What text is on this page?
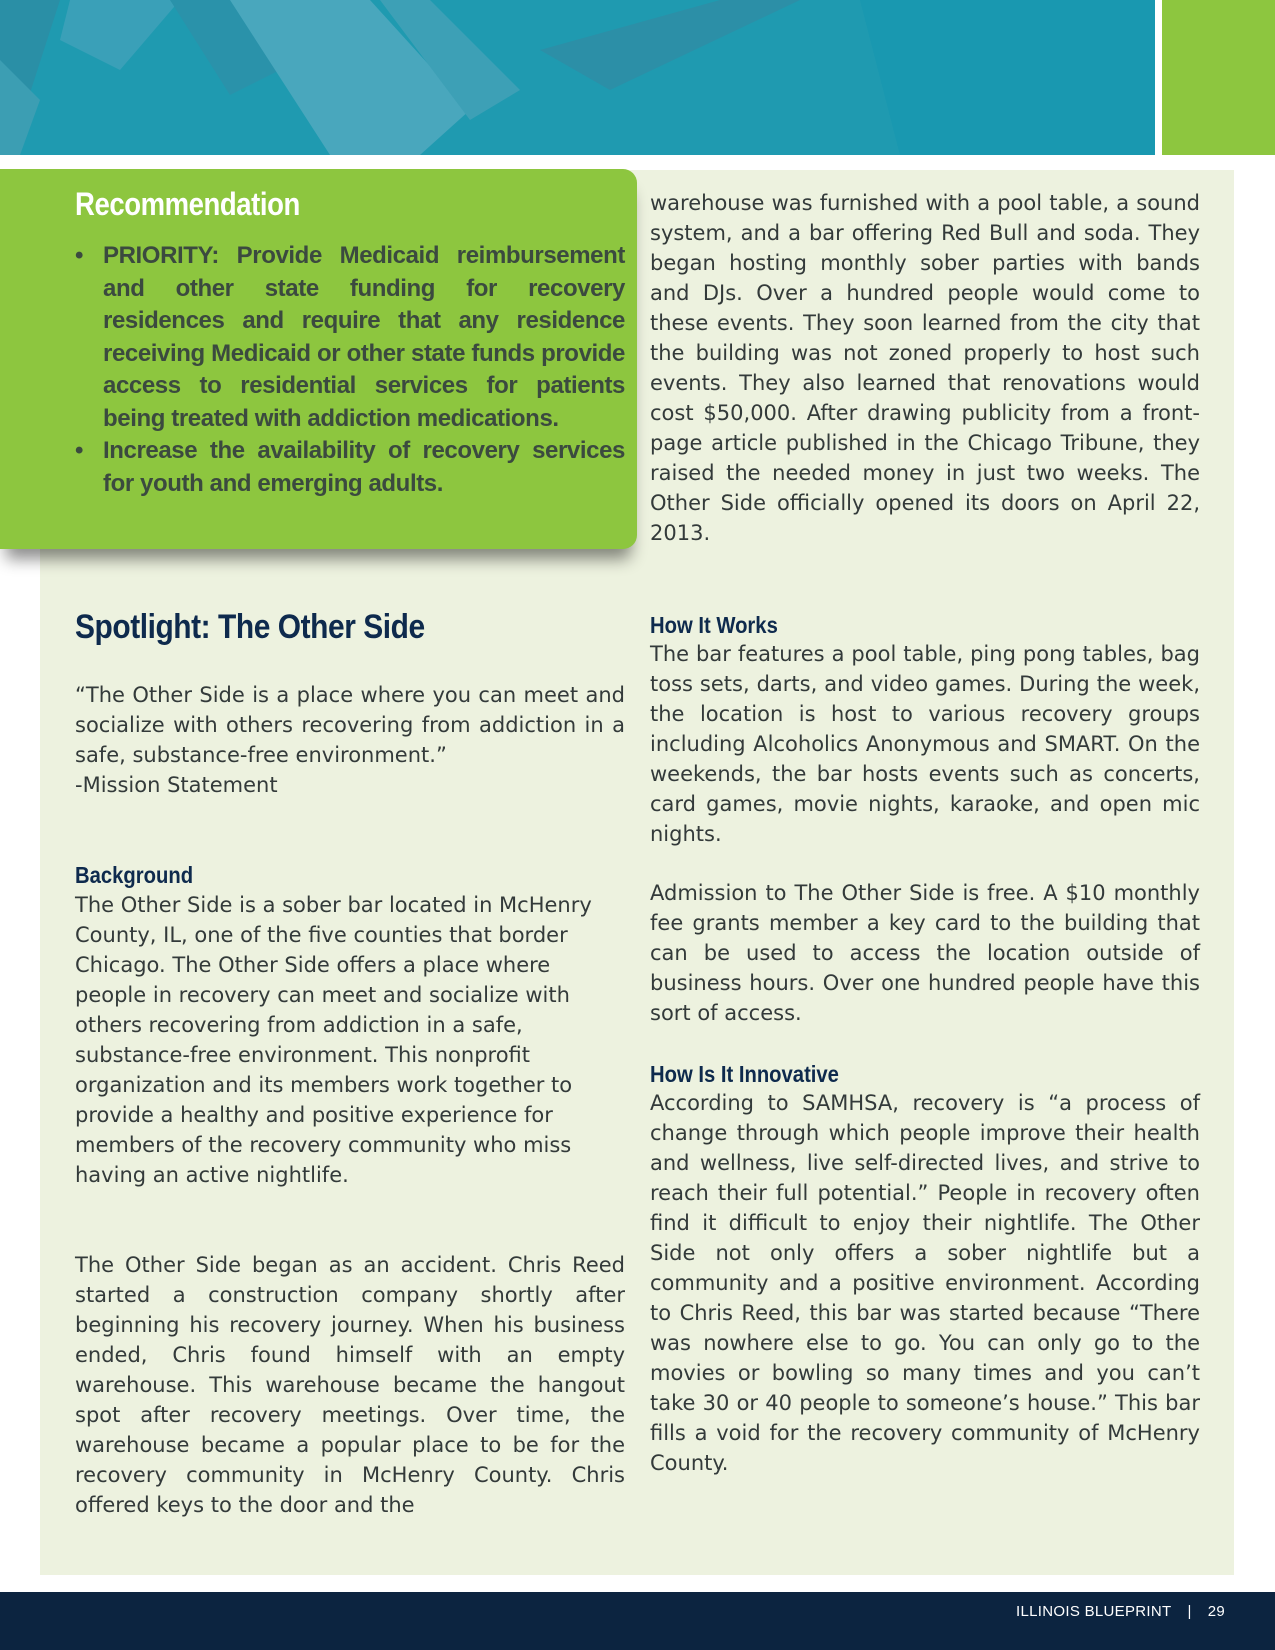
Recommendation
• PRIORITY: Provide Medicaid reimbursement and other state funding for recovery residences and require that any residence receiving Medicaid or other state funds provide access to residential services for patients being treated with addiction medications.
• Increase the availability of recovery services for youth and emerging adults.
Spotlight: The Other Side

“The Other Side is a place where you can meet and socialize with others recovering from addiction in a safe, substance-free environment.”

-Mission Statement

Background

The Other Side is a sober bar located in McHenry County, IL, one of the five counties that border Chicago. The Other Side offers a place where people in recovery can meet and socialize with others recovering from addiction in a safe, substance-free environment. This nonprofit organization and its members work together to provide a healthy and positive experience for members of the recovery community who miss having an active nightlife.

The Other Side began as an accident. Chris Reed started a construction company shortly after beginning his recovery journey. When his business ended, Chris found himself with an empty warehouse. This warehouse became the hangout spot after recovery meetings. Over time, the warehouse became a popular place to be for the recovery community in McHenry County. Chris offered keys to the door and the

warehouse was furnished with a pool table, a sound system, and a bar offering Red Bull and soda. They began hosting monthly sober parties with bands and DJs. Over a hundred people would come to these events. They soon learned from the city that the building was not zoned properly to host such events. They also learned that renovations would cost $50,000. After drawing publicity from a front-page article published in the Chicago Tribune, they raised the needed money in just two weeks. The Other Side officially opened its doors on April 22, 2013.

How It Works

The bar features a pool table, ping pong tables, bag toss sets, darts, and video games. During the week, the location is host to various recovery groups including Alcoholics Anonymous and SMART. On the weekends, the bar hosts events such as concerts, card games, movie nights, karaoke, and open mic nights.

Admission to The Other Side is free. A $10 monthly fee grants member a key card to the building that can be used to access the location outside of business hours. Over one hundred people have this sort of access.

How Is It Innovative

According to SAMHSA, recovery is “a process of change through which people improve their health and wellness, live self-directed lives, and strive to reach their full potential.” People in recovery often find it difficult to enjoy their nightlife. The Other Side not only offers a sober nightlife but a community and a positive environment. According to Chris Reed, this bar was started because “There was nowhere else to go. You can only go to the movies or bowling so many times and you can’t take 30 or 40 people to someone’s house.” This bar fills a void for the recovery community of McHenry County.

ILLINOIS BLUEPRINT | 29
